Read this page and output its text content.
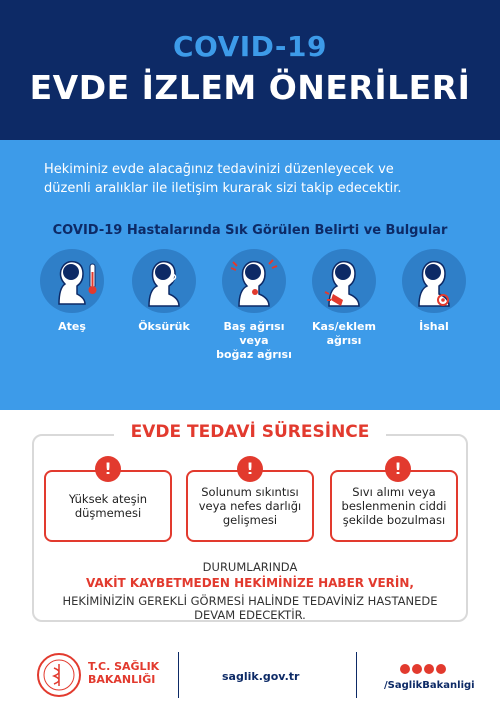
COVID-19
EVDE İZLEM ÖNERİLERİ
Hekiminiz evde alacağınız tedavinizi düzenleyecek ve
düzenli aralıklar ile iletişim kurarak sizi takip edecektir.
COVID-19 Hastalarında Sık Görülen Belirti ve Bulgular
Ateş	Öksürük	Baş ağrısı
veya
boğaz ağrısı
Kas/eklem
ağrısı
İshal
EVDE TEDAVİ SÜRESİNCE
!
Yüksek ateşin
düşmemesi
!
Solunum sıkıntısı
veya nefes darlığı
gelişmesi
!
Sıvı alımı veya
beslenmenin ciddi
şekilde bozulması
DURUMLARINDA
VAKİT KAYBETMEDEN HEKİMİNİZE HABER VERİN,
HEKİMİNİZİN GEREKLİ GÖRMESİ HALİNDE TEDAVİNİZ HASTANEDE
DEVAM EDECEKTİR.
T.C. SAĞLIK
BAKANLIĞI	saglik.gov.tr
/SaglikBakanligi
